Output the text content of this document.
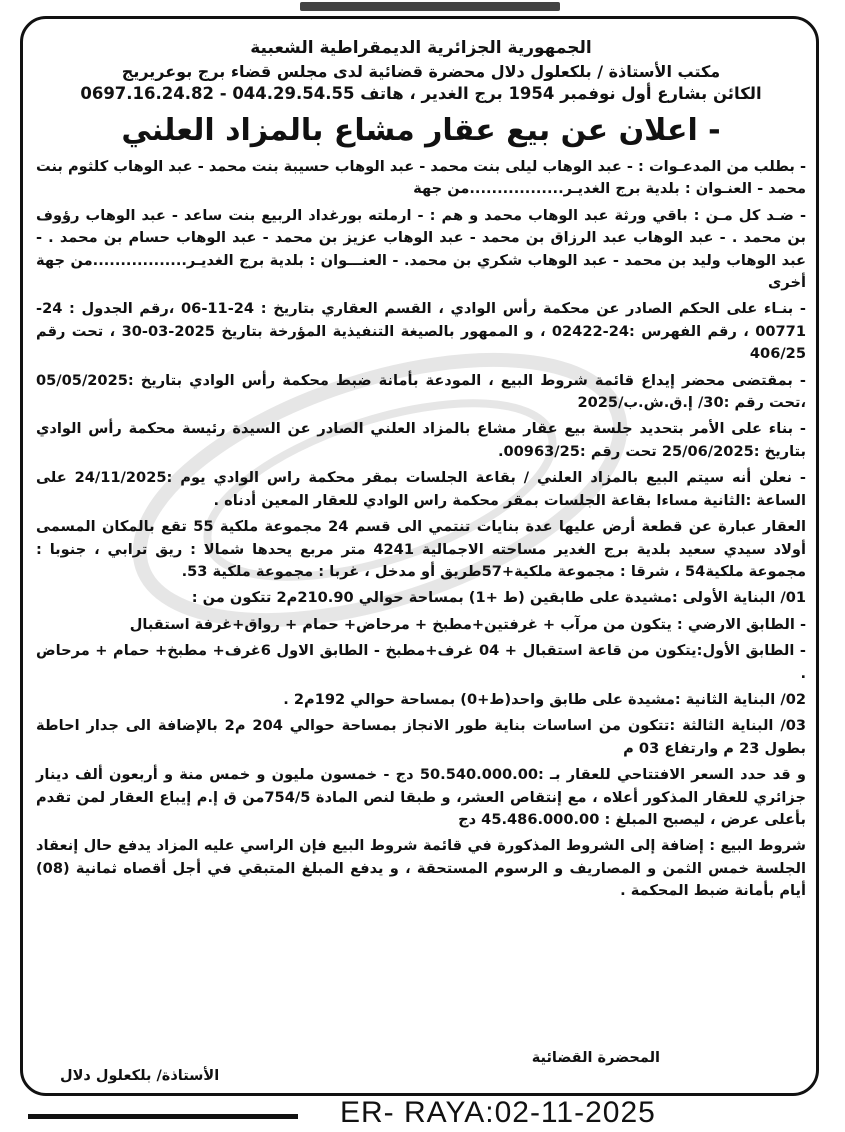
الجمهورية الجزائرية الديمقراطية الشعبية
مكتب الأستاذة / بلكعلول دلال محضرة قضائية لدى مجلس قضاء برج بوعريريج
الكائن بشارع أول نوفمبر 1954 برج الغدير ، هاتف 044.29.54.55 - 0697.16.24.82
- اعلان عن بيع عقار مشاع بالمزاد العلني

- بطلب من المدعـوات : - عبد الوهاب ليلى بنت محمد - عبد الوهاب حسيبة بنت محمد - عبد الوهاب كلثوم بنت محمد - العنـوان : بلدية برج الغديـر.................من جهة

- ضـد كل مـن : باقي ورثة عبد الوهاب محمد و هم : - ارملته بورغداد الربيع بنت ساعد - عبد الوهاب رؤوف بن محمد . - عبد الوهاب عبد الرزاق بن محمد - عبد الوهاب عزيز بن محمد - عبد الوهاب حسام بن محمد . - عبد الوهاب وليد بن محمد - عبد الوهاب شكري بن محمد. - العنـــوان : بلدية برج الغديـر.................من جهة أخرى

- بنـاء على الحكم الصادر عن محكمة رأس الوادي ، القسم العقاري بتاريخ : 24-11-06 ،رقم الجدول : 24-00771 ، رقم الفهرس :24-02422 ، و الممهور بالصيغة التنفيذية المؤرخة بتاريخ 2025-03-30 ، تحت رقم 406/25

- بمقتضى محضر إيداع قائمة شروط البيع ، المودعة بأمانة ضبط محكمة رأس الوادي بتاريخ :05/05/2025 ،تحت رقم :30/ إ.ق.ش.ب/2025

- بناء على الأمر بتحديد جلسة بيع عقار مشاع بالمزاد العلني الصادر عن السيدة رئيسة محكمة رأس الوادي بتاريخ :25/06/2025 تحت رقم :00963/25.

- نعلن أنه سيتم البيع بالمزاد العلني / بقاعة الجلسات بمقر محكمة راس الوادي يوم :24/11/2025 على الساعة :الثانية مساءا بقاعة الجلسات بمقر محكمة راس الوادي للعقار المعين أدناه .

العقار عبارة عن قطعة أرض عليها عدة بنايات تنتمي الى قسم 24 مجموعة ملكية 55 تقع بالمكان المسمى أولاد سيدي سعيد بلدية برج الغدير مساحته الاجمالية 4241 متر مربع يحدها شمالا : ريق ترابي ، جنوبا : مجموعة ملكية54 ، شرقا : مجموعة ملكية+57طريق أو مدخل ، غربا : مجموعة ملكية 53.

01/ البناية الأولى :مشيدة على طابقين (ط +1) بمساحة حوالي 210.90م2 تتكون من :

- الطابق الارضي : يتكون من مرآب + غرفتين+مطبخ + مرحاض+ حمام + رواق+غرفة استقبال

- الطابق الأول:يتكون من قاعة استقبال + 04 غرف+مطبخ - الطابق الاول 6غرف+ مطبخ+ حمام + مرحاض .

02/ البناية الثانية :مشيدة على طابق واحد(ط+0) بمساحة حوالي 192م2 .

03/ البناية الثالثة :تتكون من اساسات بناية طور الانجاز بمساحة حوالي 204 م2 بالإضافة الى جدار احاطة بطول 23 م وارتفاع 03 م

و قد حدد السعر الافتتاحي للعقار بـ :50.540.000.00 دج - خمسون مليون و خمس منة و أربعون ألف دينار جزائري للعقار المذكور أعلاه ، مع إنتقاص العشر، و طبقا لنص المادة 754/5من ق إ.م إيباع العقار لمن تقدم بأعلى عرض ، ليصبح المبلغ : 45.486.000.00 دج

شروط البيع : إضافة إلى الشروط المذكورة في قائمة شروط البيع فإن الراسي عليه المزاد يدفع حال إنعقاد الجلسة خمس الثمن و المصاريف و الرسوم المستحقة ، و يدفع المبلغ المتبقي في أجل أقصاه ثمانية (08) أيام بأمانة ضبط المحكمة .

المحضرة القضائية
الأستاذة/ بلكعلول دلال
ER- RAYA:02-11-2025
